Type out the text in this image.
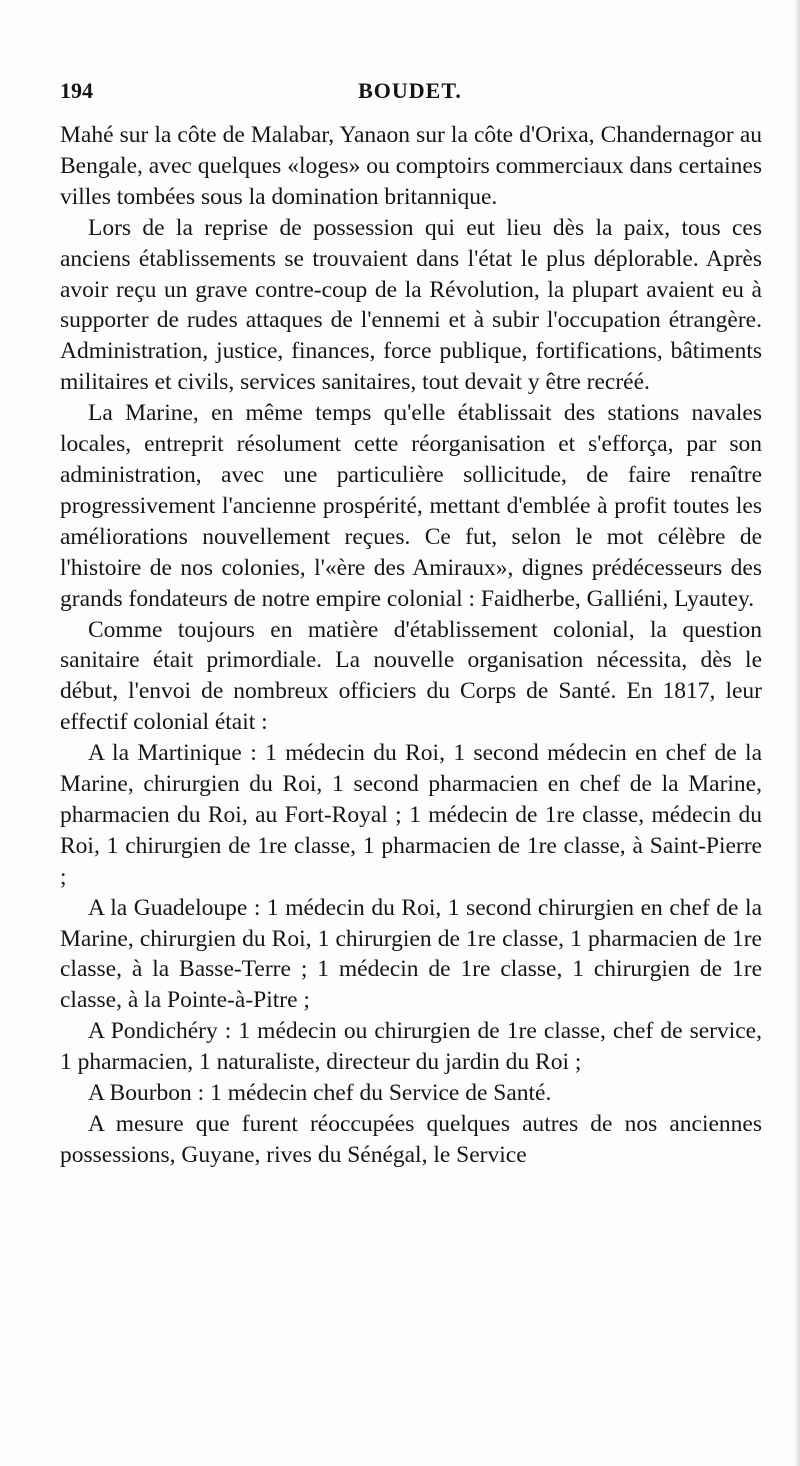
194	BOUDET.

Mahé sur la côte de Malabar, Yanaon sur la côte d'Orixa, Chandernagor au Bengale, avec quelques «loges» ou comptoirs commerciaux dans certaines villes tombées sous la domination britannique.

Lors de la reprise de possession qui eut lieu dès la paix, tous ces anciens établissements se trouvaient dans l'état le plus déplorable. Après avoir reçu un grave contre-coup de la Révolution, la plupart avaient eu à supporter de rudes attaques de l'ennemi et à subir l'occupation étrangère. Administration, justice, finances, force publique, fortifications, bâtiments militaires et civils, services sanitaires, tout devait y être recréé.

La Marine, en même temps qu'elle établissait des stations navales locales, entreprit résolument cette réorganisation et s'efforça, par son administration, avec une particulière sollicitude, de faire renaître progressivement l'ancienne prospérité, mettant d'emblée à profit toutes les améliorations nouvellement reçues. Ce fut, selon le mot célèbre de l'histoire de nos colonies, l'«ère des Amiraux», dignes prédécesseurs des grands fondateurs de notre empire colonial : Faidherbe, Galliéni, Lyautey.

Comme toujours en matière d'établissement colonial, la question sanitaire était primordiale. La nouvelle organisation nécessita, dès le début, l'envoi de nombreux officiers du Corps de Santé. En 1817, leur effectif colonial était :

A la Martinique : 1 médecin du Roi, 1 second médecin en chef de la Marine, chirurgien du Roi, 1 second pharmacien en chef de la Marine, pharmacien du Roi, au Fort-Royal ; 1 médecin de 1re classe, médecin du Roi, 1 chirurgien de 1re classe, 1 pharmacien de 1re classe, à Saint-Pierre ;

A la Guadeloupe : 1 médecin du Roi, 1 second chirurgien en chef de la Marine, chirurgien du Roi, 1 chirurgien de 1re classe, 1 pharmacien de 1re classe, à la Basse-Terre ; 1 médecin de 1re classe, 1 chirurgien de 1re classe, à la Pointe-à-Pitre ;

A Pondichéry : 1 médecin ou chirurgien de 1re classe, chef de service, 1 pharmacien, 1 naturaliste, directeur du jardin du Roi ;

A Bourbon : 1 médecin chef du Service de Santé.

A mesure que furent réoccupées quelques autres de nos anciennes possessions, Guyane, rives du Sénégal, le Service
